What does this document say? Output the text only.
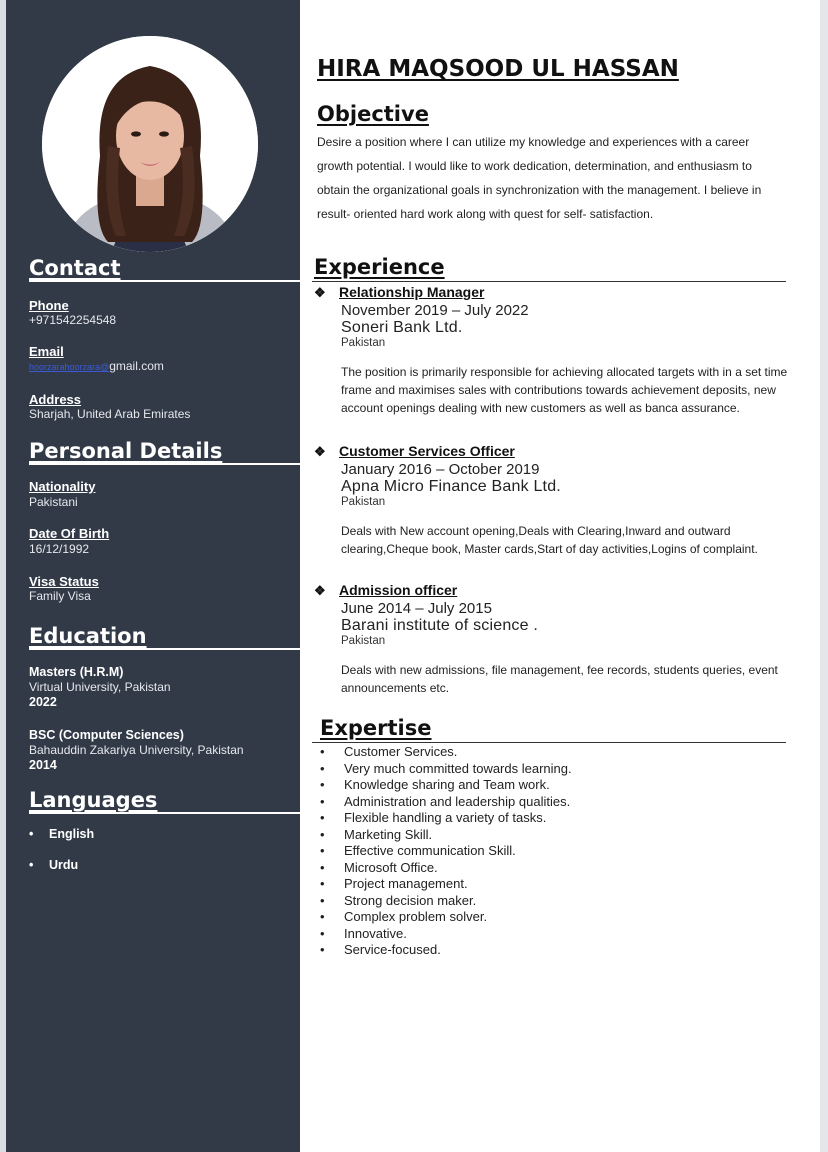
Contact
Phone
+971542254548
Email
hoorzarahoorzara@gmail.com
Address
Sharjah, United Arab Emirates
Personal Details
Nationality
Pakistani
Date Of Birth
16/12/1992
Visa Status
Family Visa
Education
Masters (H.R.M)
Virtual University, Pakistan
2022
BSC (Computer Sciences)
Bahauddin Zakariya University, Pakistan
2014
Languages
• English
• Urdu
HIRA MAQSOOD UL HASSAN
Objective
Desire a position where I can utilize my knowledge and experiences with a career
growth potential. I would like to work dedication, determination, and enthusiasm to
obtain the organizational goals in synchronization with the management. I believe in
result- oriented hard work along with quest for self- satisfaction.
Experience
❖ Relationship Manager
November 2019 – July 2022
Soneri Bank Ltd.
Pakistan
The position is primarily responsible for achieving allocated targets with in a set time
frame and maximises sales with contributions towards achievement deposits, new
account openings dealing with new customers as well as banca assurance.
❖ Customer Services Officer
January 2016 – October 2019
Apna Micro Finance Bank Ltd.
Pakistan
Deals with New account opening,Deals with Clearing,Inward and outward
clearing,Cheque book, Master cards,Start of day activities,Logins of complaint.
❖ Admission officer
June 2014 – July 2015
Barani institute of science .
Pakistan
Deals with new admissions, file management, fee records, students queries, event
announcements etc.
Expertise
• Customer Services.
• Very much committed towards learning.
• Knowledge sharing and Team work.
• Administration and leadership qualities.
• Flexible handling a variety of tasks.
• Marketing Skill.
• Effective communication Skill.
• Microsoft Office.
• Project management.
• Strong decision maker.
• Complex problem solver.
• Innovative.
• Service-focused.
